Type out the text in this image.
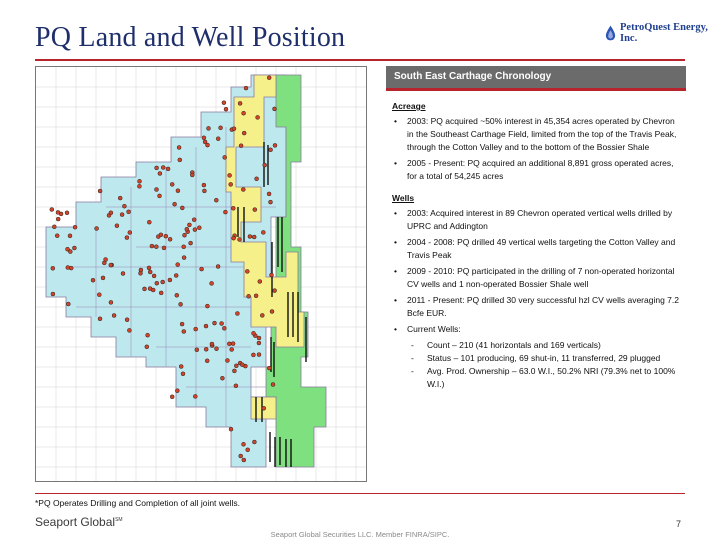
PQ Land and Well Position	PetroQuest Energy, Inc.
South East Carthage Chronology
Acreage
• 2003: PQ acquired ~50% interest in 45,354 acres operated by Chevron in the Southeast Carthage Field, limited from the top of the Travis Peak, through the Cotton Valley and to the bottom of the Bossier Shale
• 2005 - Present: PQ acquired an additional 8,891 gross operated acres, for a total of 54,245 acres
Wells
• 2003: Acquired interest in 89 Chevron operated vertical wells drilled by UPRC and Addington
• 2004 - 2008: PQ drilled 49 vertical wells targeting the Cotton Valley and Travis Peak
• 2009 - 2010: PQ participated in the drilling of 7 non-operated horizontal CV wells and 1 non-operated Bossier Shale well
• 2011 - Present: PQ drilled 30 very successful hzl CV wells averaging 7.2 Bcfe EUR.
• Current Wells:
- Count – 210 (41 horizontals and 169 verticals)
- Status – 101 producing, 69 shut-in, 11 transferred, 29 plugged
- Avg. Prod. Ownership – 63.0 W.I., 50.2% NRI (79.3% net to 100% W.I.)
*PQ Operates Drilling and Completion of all joint wells.
Seaport Global℠	7
Seaport Global Securities LLC. Member FINRA/SIPC.
